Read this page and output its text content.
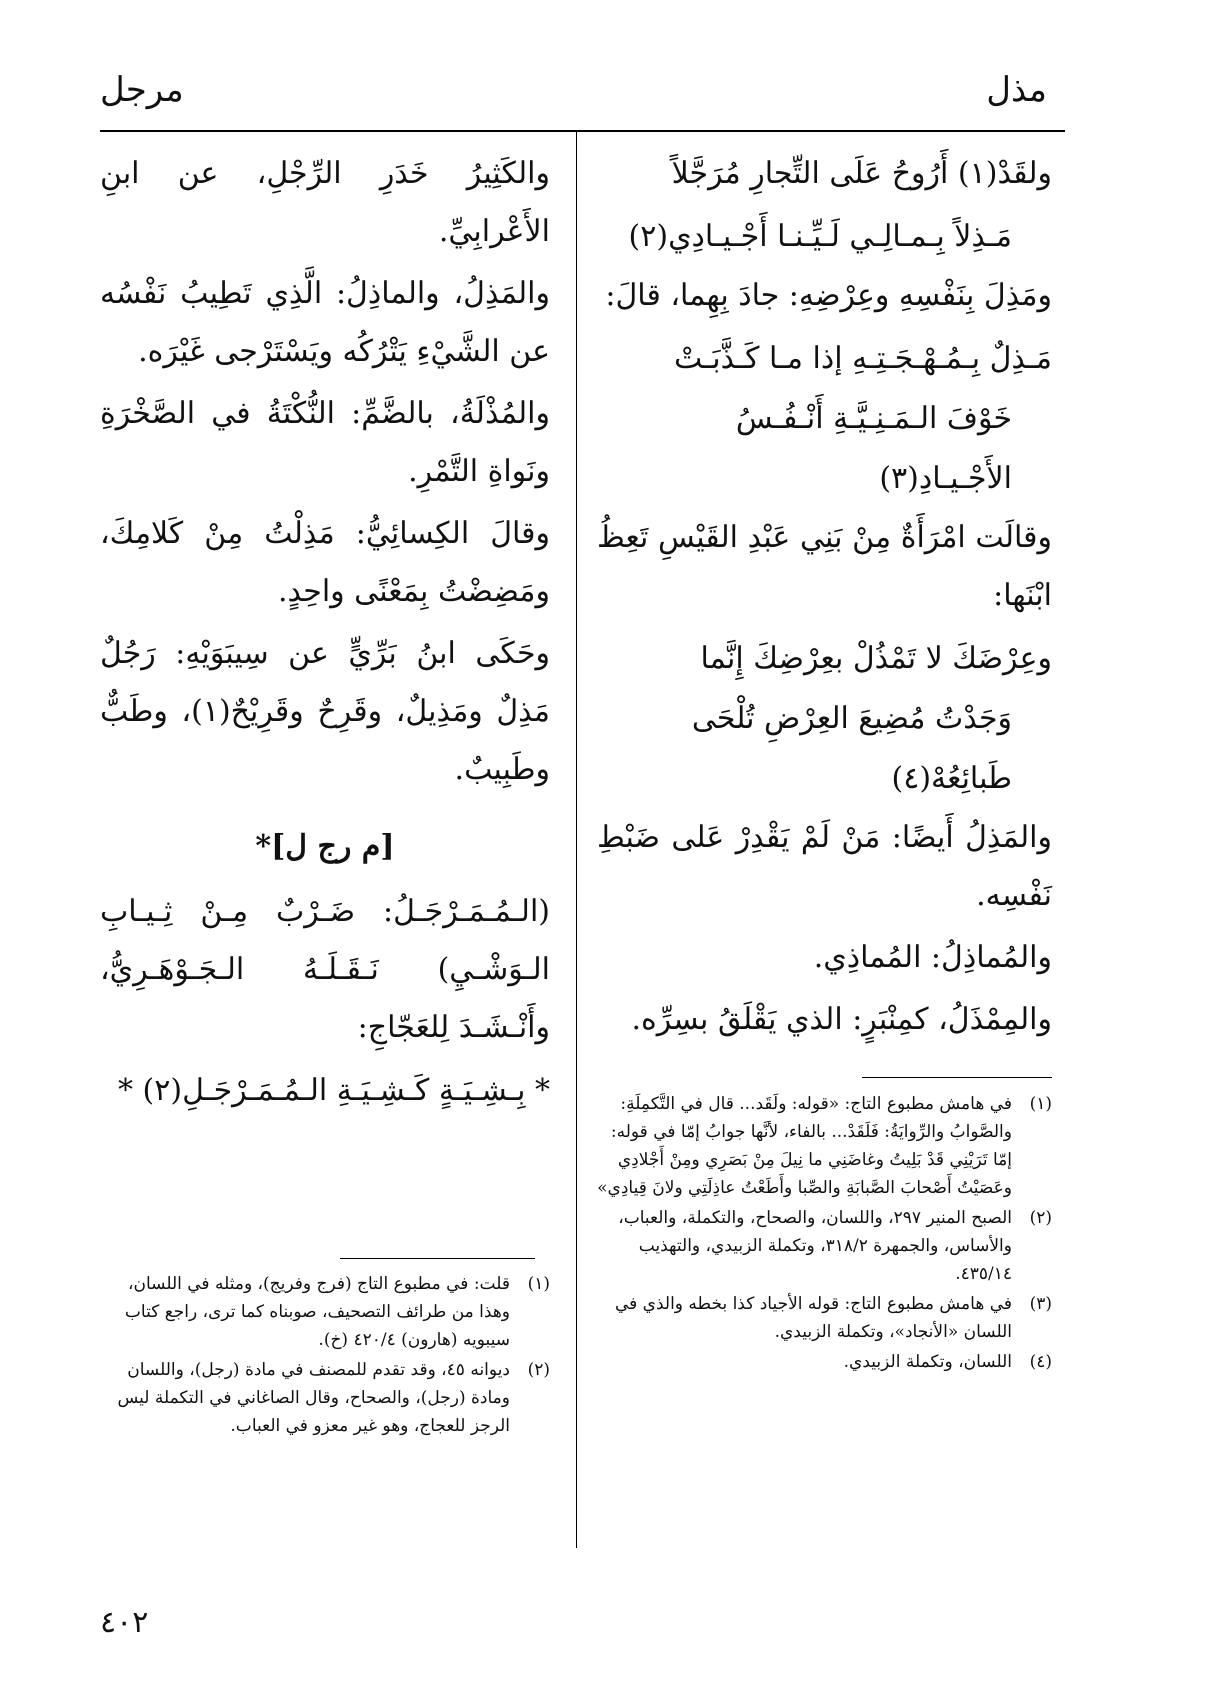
مذل
مرجل

ولقَدْ(١) أَرُوحُ عَلَى التِّجارِ مُرَجَّلاً

مَـذِلاً بِـمـالِـي لَـيِّـنـا أَجْـيـادِي(٢)

ومَذِلَ بِنَفْسِهِ وعِرْضِهِ: جادَ بِهِما، قالَ:

مَـذِلٌ بِـمُـهْـجَـتِـهِ إذا مـا كَـذَّبَـتْ

خَوْفَ الـمَـنِـيَّـةِ أَنْـفُـسُ الأَجْـيـادِ(٣)

وقالَت امْرَأَةٌ مِنْ بَنِي عَبْدِ القَيْسِ تَعِظُ ابْنَها:

وعِرْضَكَ لا تَمْذُلْ بعِرْضِكَ إِنَّما

وَجَدْتُ مُضِيعَ العِرْضِ تُلْحَى طَبائِعُهْ(٤)

والمَذِلُ أَيضًا: مَنْ لَمْ يَقْدِرْ عَلى ضَبْطِ نَفْسِه.

والمُماذِلُ: المُماذِي.

والمِمْذَلُ، كمِنْبَرٍ: الذي يَقْلَقُ بسِرِّه.

والكَثِيرُ خَدَرِ الرِّجْلِ، عن ابنِ الأَعْرابِيِّ.

والمَذِلُ، والماذِلُ: الَّذِي تَطِيبُ نَفْسُه عن الشَّيْءِ يَتْرُكُه ويَسْتَرْجى غَيْرَه.

والمُذْلَةُ، بالضَّمِّ: النُّكْتَةُ في الصَّخْرَةِ ونَواةِ التَّمْرِ.

وقالَ الكِسائِيُّ: مَذِلْتُ مِنْ كَلامِكَ، ومَضِضْتُ بِمَعْنًى واحِدٍ.

وحَكَى ابنُ بَرِّيٍّ عن سِيبَوَيْهِ: رَجُلٌ مَذِلٌ ومَذِيلٌ، وقَرِحٌ وقَرِيْحٌ(١)، وطَبٌّ وطَبِيبٌ.

[م رج ل]*

(الـمُـمَـرْجَـلُ: ضَـرْبٌ مِـنْ ثِـيـابِ الـوَشْـيِ) نَـقَـلَـهُ الـجَـوْهَـرِيُّ، وأَنْـشَـدَ لِلعَجّاجِ:

* بِـشِـيَـةٍ كَـشِـيَـةِ الـمُـمَـرْجَـلِ(٢) *	(١)
في هامش مطبوع التاج: «قوله: ولَقَد... قال في التَّكمِلَةِ: والصَّوابُ والرِّوايَةُ: فَلَقَدْ... بالفاء، لأنَّها جوابُ إمّا في قوله: إمّا تَرَيْنِي قَدْ بَلِيتُ وغاضَنِي ما نِيلَ مِنْ بَصَرِي ومِنْ أَجْلادِي وعَصَيْتُ أَصْحابَ الصَّبابَةِ والصِّبا وأَطَعْتُ عاذِلَتِي ولانَ قِيادِي»
(٢)
الصبح المنير ٢٩٧، واللسان، والصحاح، والتكملة، والعباب، والأساس، والجمهرة ٣١٨/٢، وتكملة الزبيدي، والتهذيب ٤٣٥/١٤.
(٣)
في هامش مطبوع التاج: قوله الأجياد كذا بخطه والذي في اللسان «الأنجاد»، وتكملة الزبيدي.
(٤)
اللسان، وتكملة الزبيدي.
(١)
قلت: في مطبوع التاج (فرج وفريج)، ومثله في اللسان، وهذا من طرائف التصحيف، صوبناه كما ترى، راجع كتاب سيبويه (هارون) ٤٢٠/٤ (خ).
(٢)
ديوانه ٤٥، وقد تقدم للمصنف في مادة (رجل)، واللسان ومادة (رجل)، والصحاح، وقال الصاغاني في التكملة ليس الرجز للعجاج، وهو غير معزو في العباب.
٤٠٢
